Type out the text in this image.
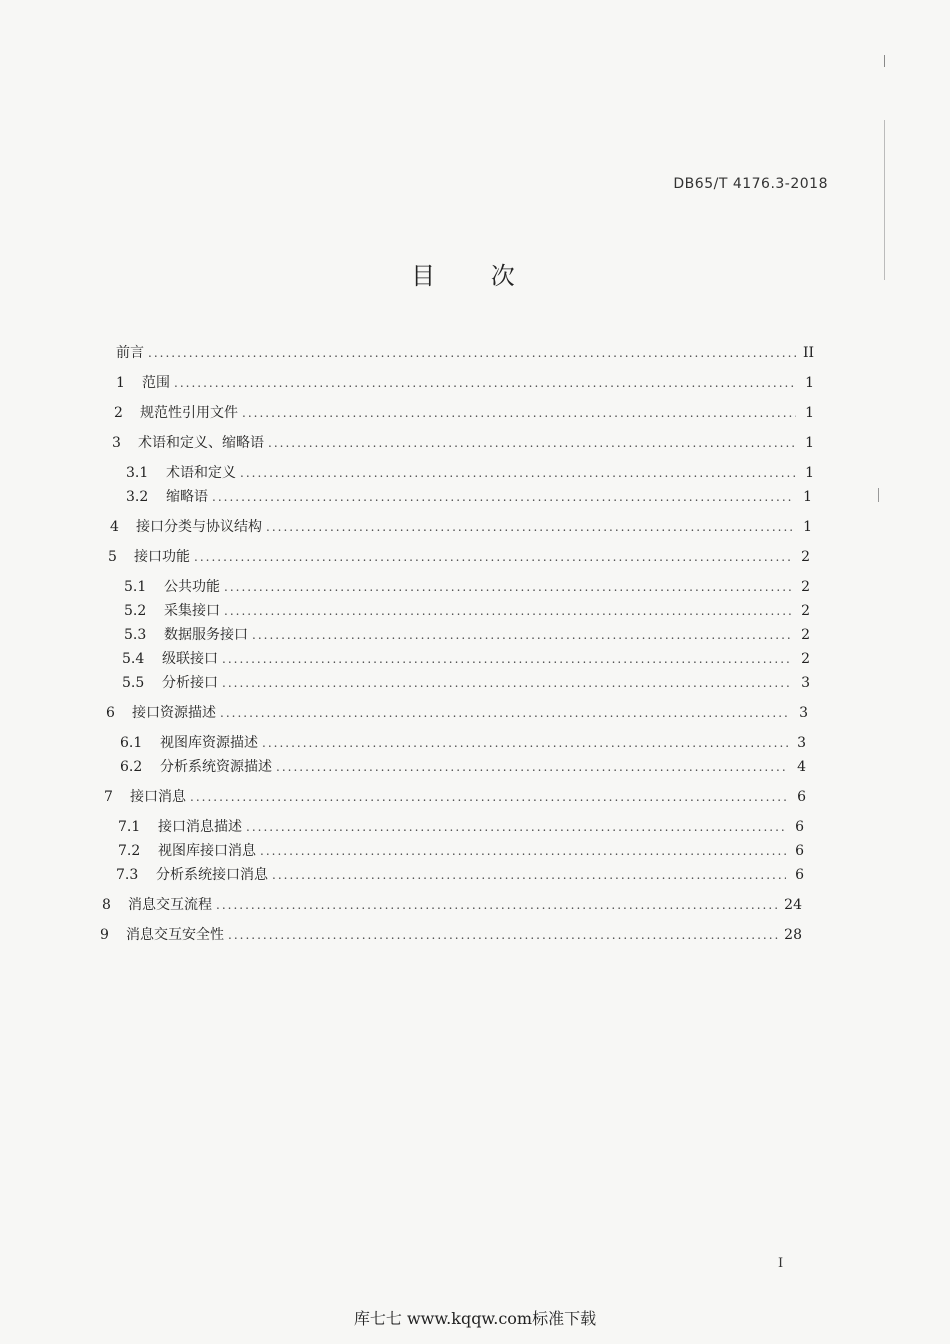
DB65/T 4176.3-2018
目 次
前言 .....	II
1	范围 .....	1
2	规范性引用文件 .....	1
3	术语和定义、缩略语 .....	1
3.1	术语和定义 .....	1
3.2	缩略语 .....	1
4	接口分类与协议结构 .....	1
5	接口功能 .....	2
5.1	公共功能 .....	2
5.2	采集接口 .....	2
5.3	数据服务接口 .....	2
5.4	级联接口 .....	2
5.5	分析接口 .....	3
6	接口资源描述 .....	3
6.1	视图库资源描述 .....	3
6.2	分析系统资源描述 .....	4
7	接口消息 .....	6
7.1	接口消息描述 .....	6
7.2	视图库接口消息 .....	6
7.3	分析系统接口消息 .....	6
8	消息交互流程 .....	24
9	消息交互安全性 .....	28
I
库七七 www.kqqw.com标准下载
